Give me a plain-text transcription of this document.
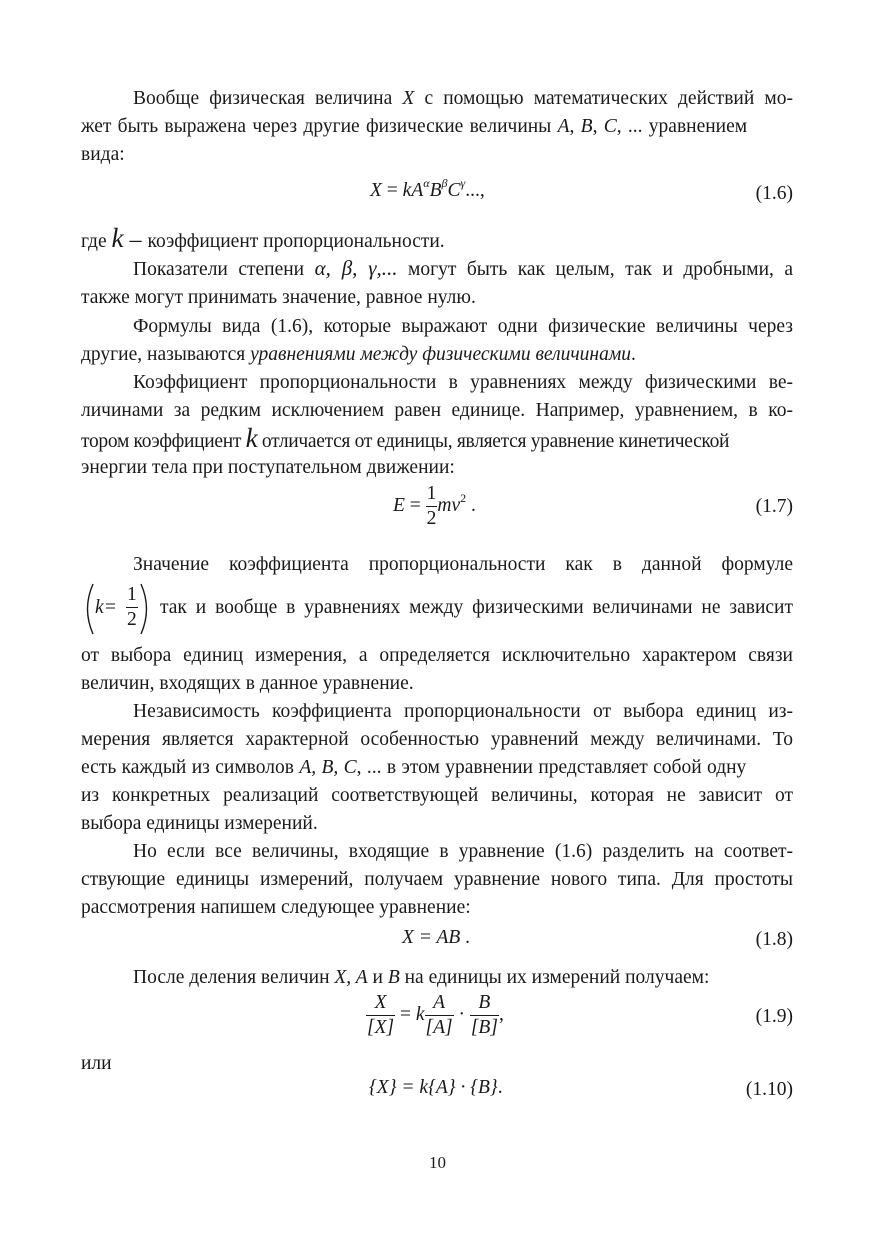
Вообще физическая величина X с помощью математических действий мо-
жет быть выражена через другие физические величины A, B, C, ... уравнением
вида:
$X = kA^\alpha B^\beta C^\gamma$...,	(1.6)
где k – коэффициент пропорциональности.
Показатели степени α, β, γ,... могут быть как целым, так и дробными, а
также могут принимать значение, равное нулю.
Формулы вида (1.6), которые выражают одни физические величины через
другие, называются уравнениями между физическими величинами.
Коэффициент пропорциональности в уравнениях между физическими ве-
личинами за редким исключением равен единице. Например, уравнением, в ко-
тором коэффициент k отличается от единицы, является уравнение кинетической
энергии тела при поступательном движении:
$E = \frac{1}{2} mv^2$ .	(1.7)
Значение коэффициента пропорциональности как в данной формуле
$k = \frac{1}{2}$ так и вообще в уравнениях между физическими величинами не зависит
от выбора единиц измерения, а определяется исключительно характером связи
величин, входящих в данное уравнение.
Независимость коэффициента пропорциональности от выбора единиц из-
мерения является характерной особенностью уравнений между величинами. То
есть каждый из символов A, B, C, ... в этом уравнении представляет собой одну
из конкретных реализаций соответствующей величины, которая не зависит от
выбора единицы измерений.
Но если все величины, входящие в уравнение (1.6) разделить на соответ-
ствующие единицы измерений, получаем уравнение нового типа. Для простоты
рассмотрения напишем следующее уравнение:
X = AB .	(1.8)
После деления величин X, A и B на единицы их измерений получаем:
$\frac{X}{[X]} = k \frac{A}{[A]} \cdot \frac{B}{[B]}$ ,	(1.9)
или
{X} = k{A} · {B}.	(1.10)
10
